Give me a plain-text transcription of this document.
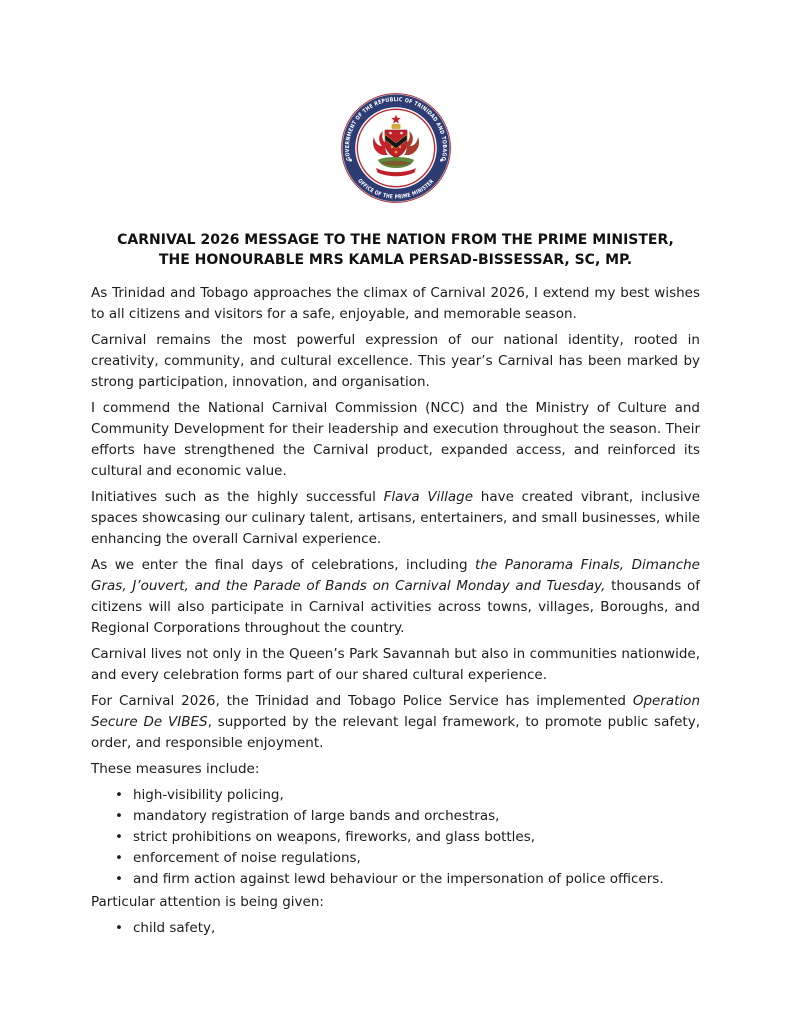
GOVERNMENT OF THE REPUBLIC OF TRINIDAD AND TOBAGO
OFFICE OF THE PRIME MINISTER
CARNIVAL 2026 MESSAGE TO THE NATION FROM THE PRIME MINISTER,
THE HONOURABLE MRS KAMLA PERSAD-BISSESSAR, SC, MP.

As Trinidad and Tobago approaches the climax of Carnival 2026, I extend my best wishes to all citizens and visitors for a safe, enjoyable, and memorable season.

Carnival remains the most powerful expression of our national identity, rooted in creativity, community, and cultural excellence. This year’s Carnival has been marked by strong participation, innovation, and organisation.

I commend the National Carnival Commission (NCC) and the Ministry of Culture and Community Development for their leadership and execution throughout the season. Their efforts have strengthened the Carnival product, expanded access, and reinforced its cultural and economic value.

Initiatives such as the highly successful Flava Village have created vibrant, inclusive spaces showcasing our culinary talent, artisans, entertainers, and small businesses, while enhancing the overall Carnival experience.

As we enter the final days of celebrations, including the Panorama Finals, Dimanche Gras, J’ouvert, and the Parade of Bands on Carnival Monday and Tuesday, thousands of citizens will also participate in Carnival activities across towns, villages, Boroughs, and Regional Corporations throughout the country.

Carnival lives not only in the Queen’s Park Savannah but also in communities nationwide, and every celebration forms part of our shared cultural experience.

For Carnival 2026, the Trinidad and Tobago Police Service has implemented Operation Secure De VIBES, supported by the relevant legal framework, to promote public safety, order, and responsible enjoyment.

These measures include:

• high-visibility policing,
• mandatory registration of large bands and orchestras,
• strict prohibitions on weapons, fireworks, and glass bottles,
• enforcement of noise regulations,
• and firm action against lewd behaviour or the impersonation of police officers.

Particular attention is being given:

• child safety,
